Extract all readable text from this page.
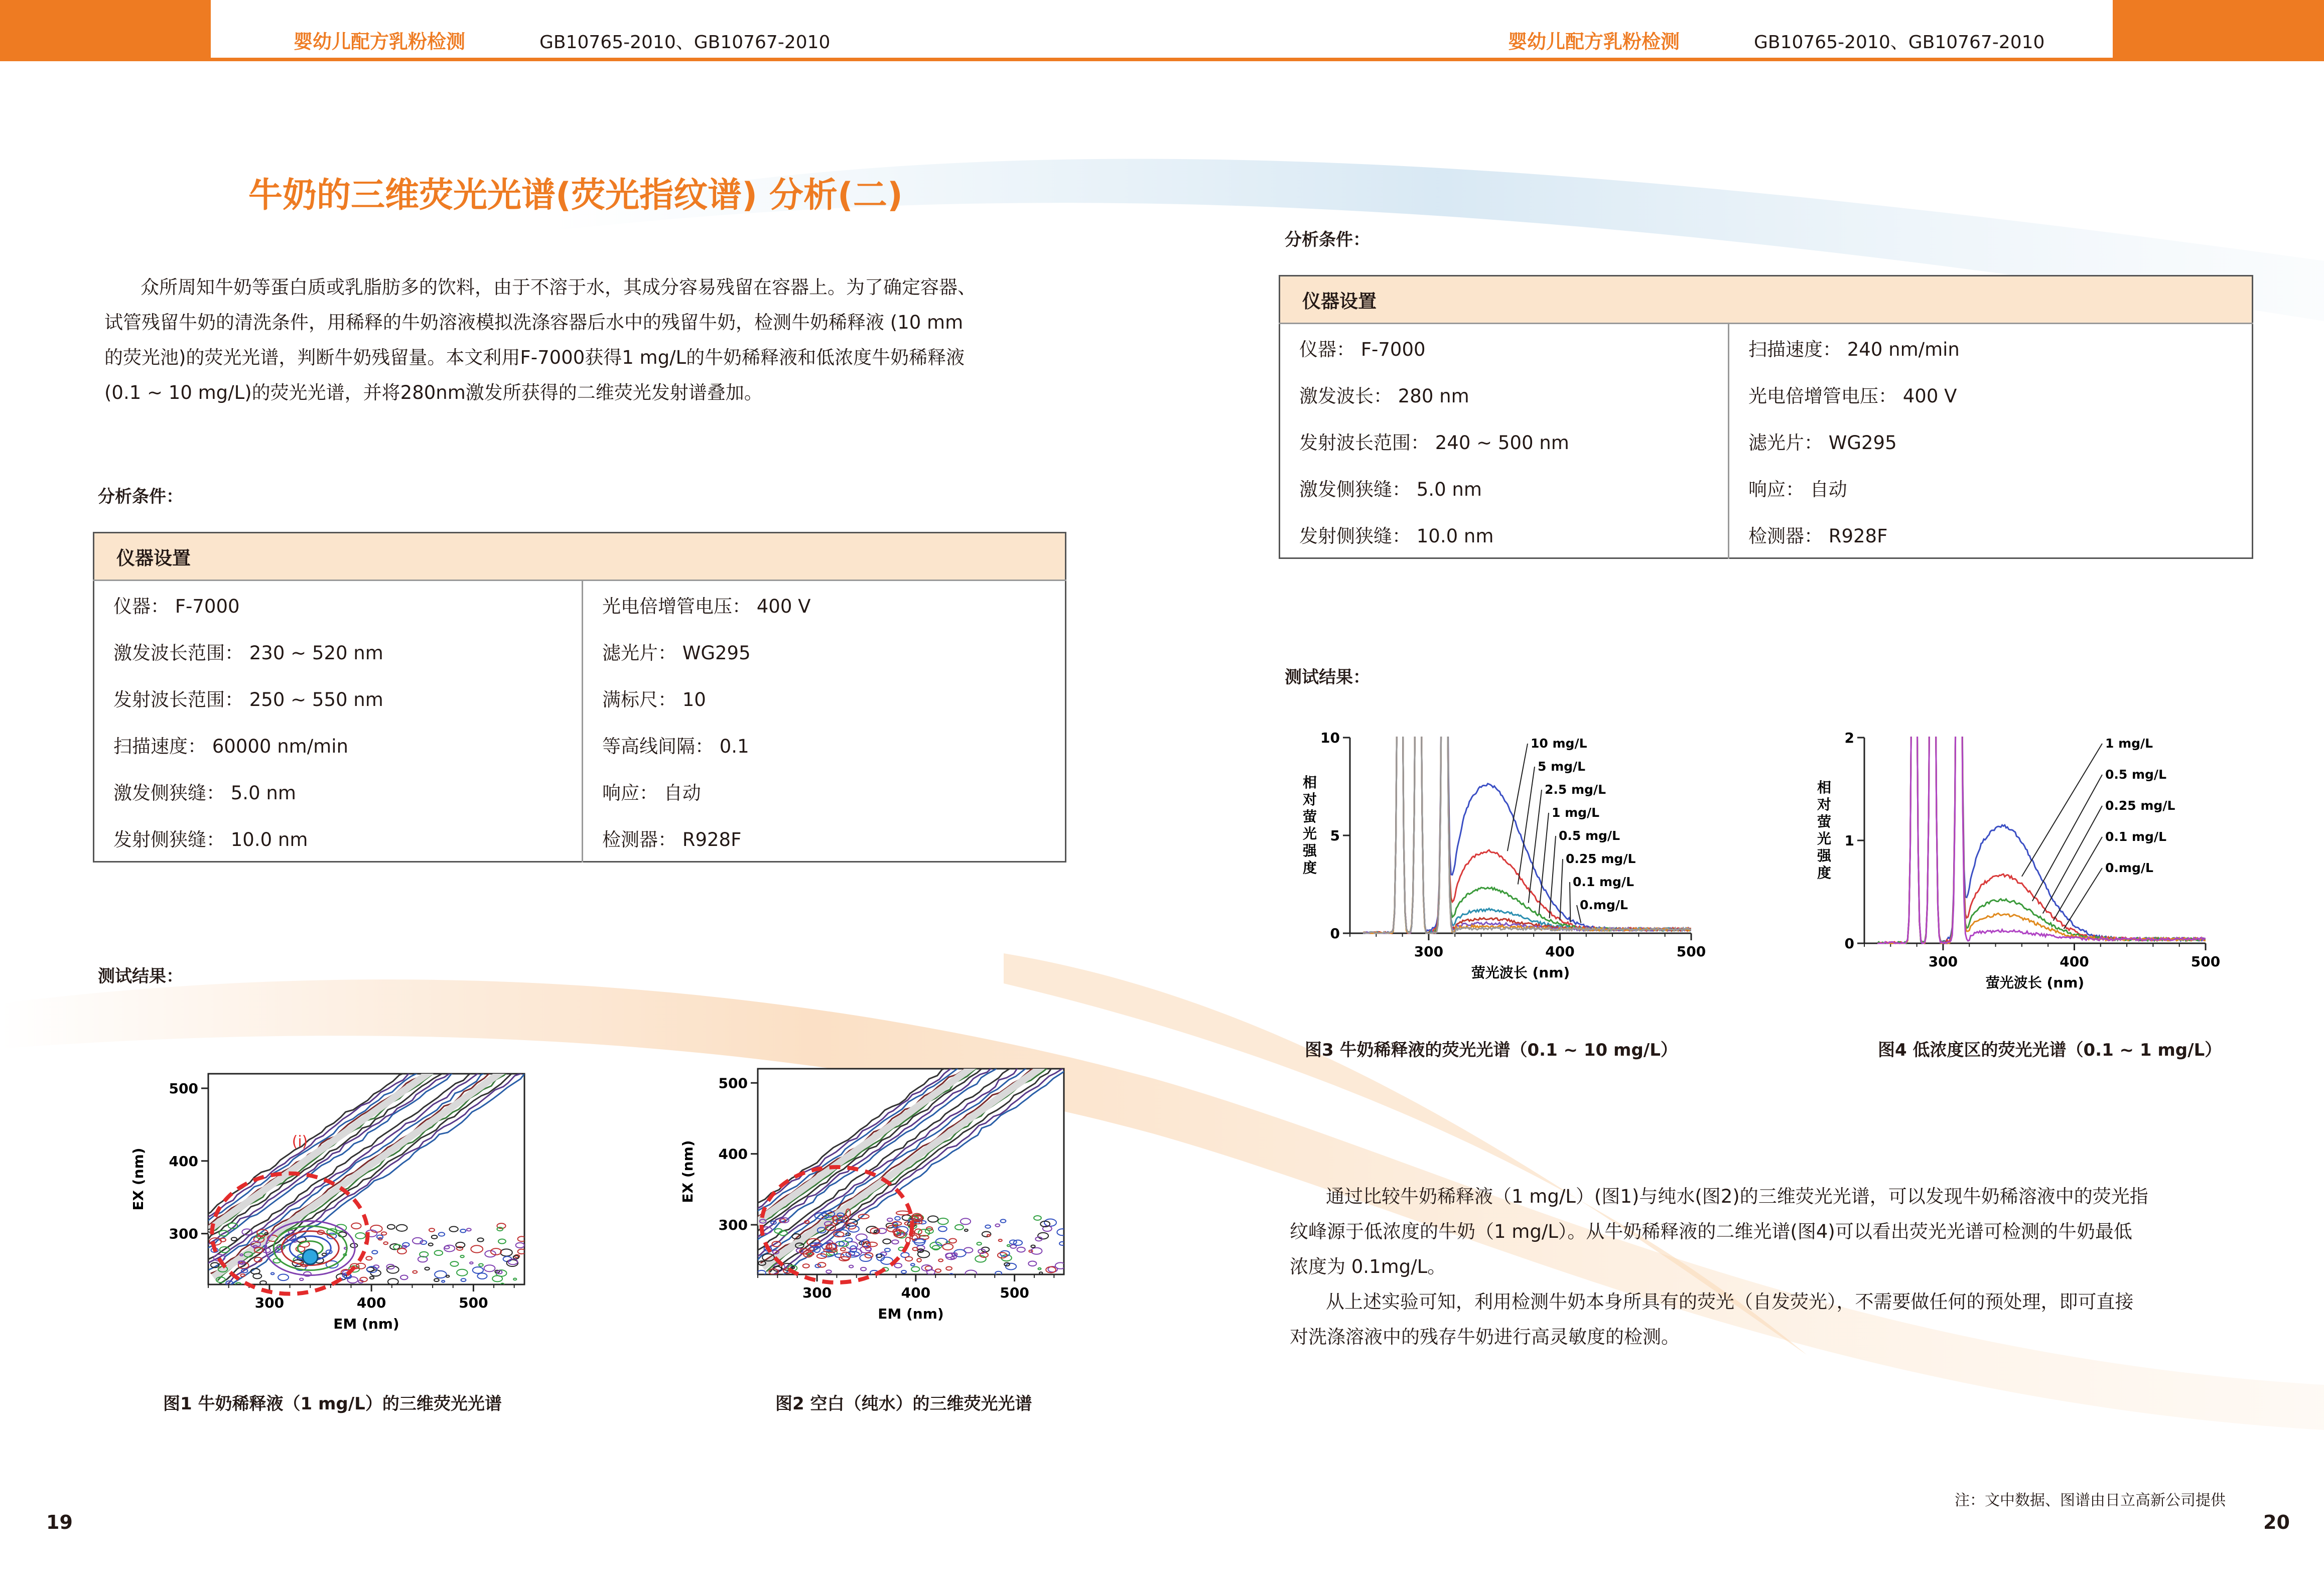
婴幼儿配方乳粉检测	GB10765-2010、GB10767-2010	婴幼儿配方乳粉检测	GB10765-2010、GB10767-2010
牛奶的三维荧光光谱(荧光指纹谱) 分析(二)
众所周知牛奶等蛋白质或乳脂肪多的饮料，由于不溶于水，其成分容易残留在容器上。为了确定容器、
试管残留牛奶的清洗条件，用稀释的牛奶溶液模拟洗涤容器后水中的残留牛奶，检测牛奶稀释液 (10 mm
的荧光池)的荧光光谱，判断牛奶残留量。本文利用F-7000获得1 mg/L的牛奶稀释液和低浓度牛奶稀释液
(0.1 ~ 10 mg/L)的荧光光谱，并将280nm激发所获得的二维荧光发射谱叠加。
分析条件：
仪器设置	
仪器： F-7000	光电倍增管电压： 400 V
激发波长范围： 230 ~ 520 nm	滤光片： WG295
发射波长范围： 250 ~ 550 nm	满标尺： 10
扫描速度： 60000 nm/min	等高线间隔： 0.1
激发侧狭缝： 5.0 nm	响应： 自动
发射侧狭缝： 10.0 nm	检测器： R928F
测试结果：
300	400	500
300
400
500
EM (nm)
EX (nm)
(i)
300	400	500
300
400
500
EM (nm)
EX (nm)
图1 牛奶稀释液（1 mg/L）的三维荧光光谱	图2 空白（纯水）的三维荧光光谱
19
分析条件：
仪器设置	
仪器： F-7000	扫描速度： 240 nm/min
激发波长： 280 nm	光电倍增管电压： 400 V
发射波长范围： 240 ~ 500 nm	滤光片： WG295
激发侧狭缝： 5.0 nm	响应： 自动
发射侧狭缝： 10.0 nm	检测器： R928F
测试结果：
300	400	500
0
5
10
萤光波长 (nm)
相
对
萤
光
强
度
10 mg/L
5 mg/L
2.5 mg/L
1 mg/L
0.5 mg/L
0.25 mg/L
0.1 mg/L
0.mg/L
300	400	500
0
1
2
萤光波长 (nm)
相
对
萤
光
强
度
1 mg/L
0.5 mg/L
0.25 mg/L
0.1 mg/L
0.mg/L
图3 牛奶稀释液的荧光光谱（0.1 ~ 10 mg/L）	图4 低浓度区的荧光光谱（0.1 ~ 1 mg/L）
通过比较牛奶稀释液（1 mg/L）(图1)与纯水(图2)的三维荧光光谱，可以发现牛奶稀溶液中的荧光指
纹峰源于低浓度的牛奶（1 mg/L）。从牛奶稀释液的二维光谱(图4)可以看出荧光光谱可检测的牛奶最低
浓度为 0.1mg/L。
从上述实验可知，利用检测牛奶本身所具有的荧光（自发荧光），不需要做任何的预处理，即可直接
对洗涤溶液中的残存牛奶进行高灵敏度的检测。
注：文中数据、图谱由日立高新公司提供
20
